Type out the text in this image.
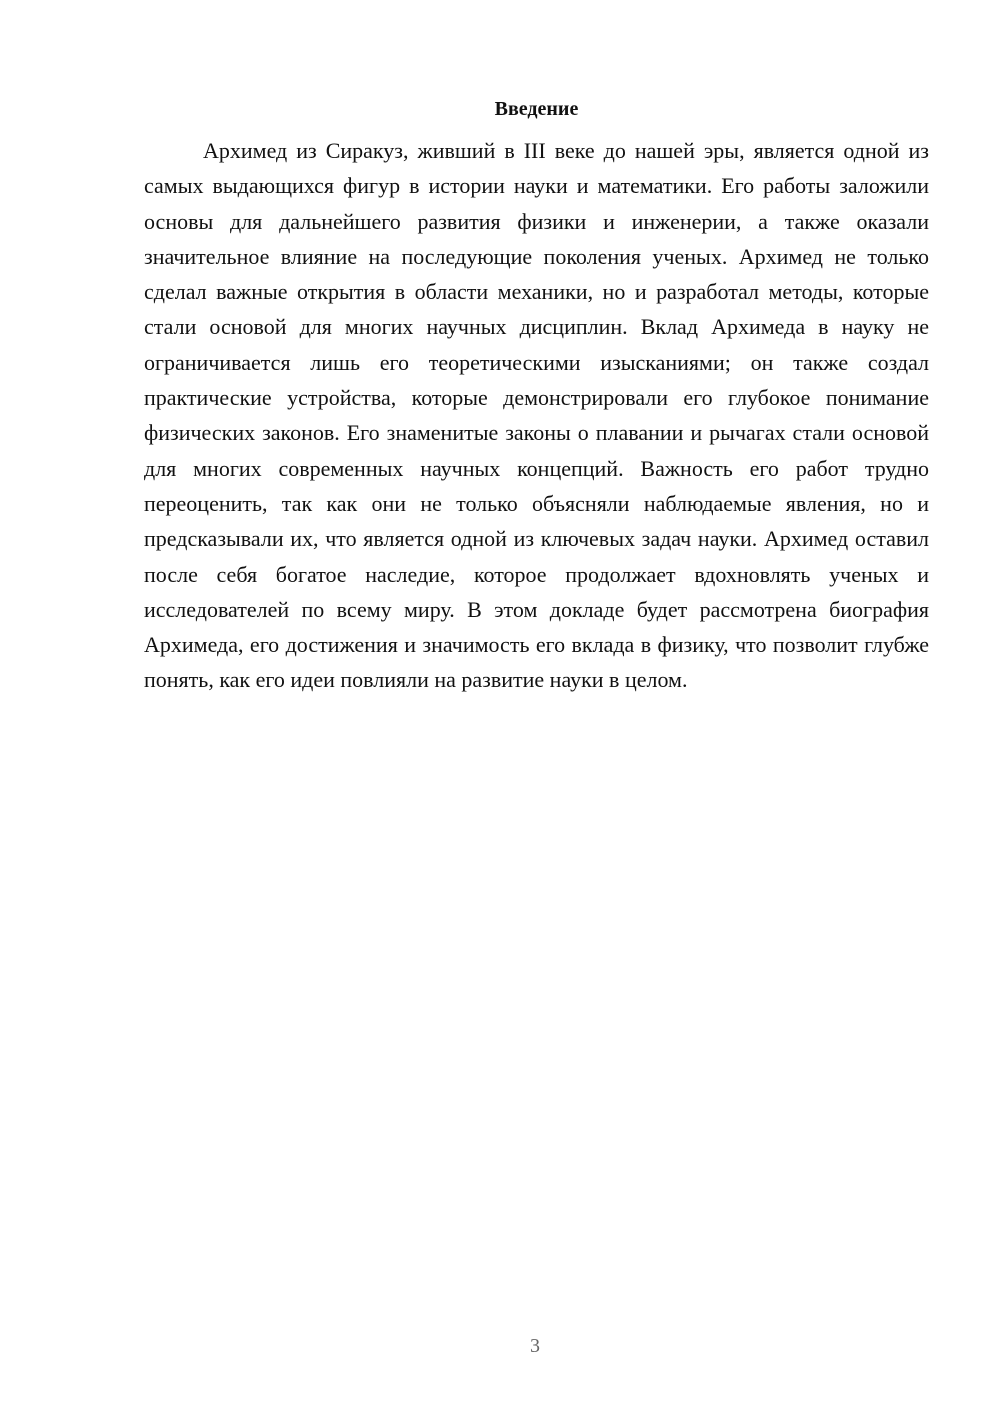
Введение

Архимед из Сиракуз, живший в III веке до нашей эры, является одной из самых выдающихся фигур в истории науки и математики. Его работы заложили основы для дальнейшего развития физики и инженерии, а также оказали значительное влияние на последующие поколения ученых. Архимед не только сделал важные открытия в области механики, но и разработал методы, которые стали основой для многих научных дисциплин. Вклад Архимеда в науку не ограничивается лишь его теоретическими изысканиями; он также создал практические устройства, которые демонстрировали его глубокое понимание физических законов. Его знаменитые законы о плавании и рычагах стали основой для многих современных научных концепций. Важность его работ трудно переоценить, так как они не только объясняли наблюдаемые явления, но и предсказывали их, что является одной из ключевых задач науки. Архимед оставил после себя богатое наследие, которое продолжает вдохновлять ученых и исследователей по всему миру. В этом докладе будет рассмотрена биография Архимеда, его достижения и значимость его вклада в физику, что позволит глубже понять, как его идеи повлияли на развитие науки в целом.

3
